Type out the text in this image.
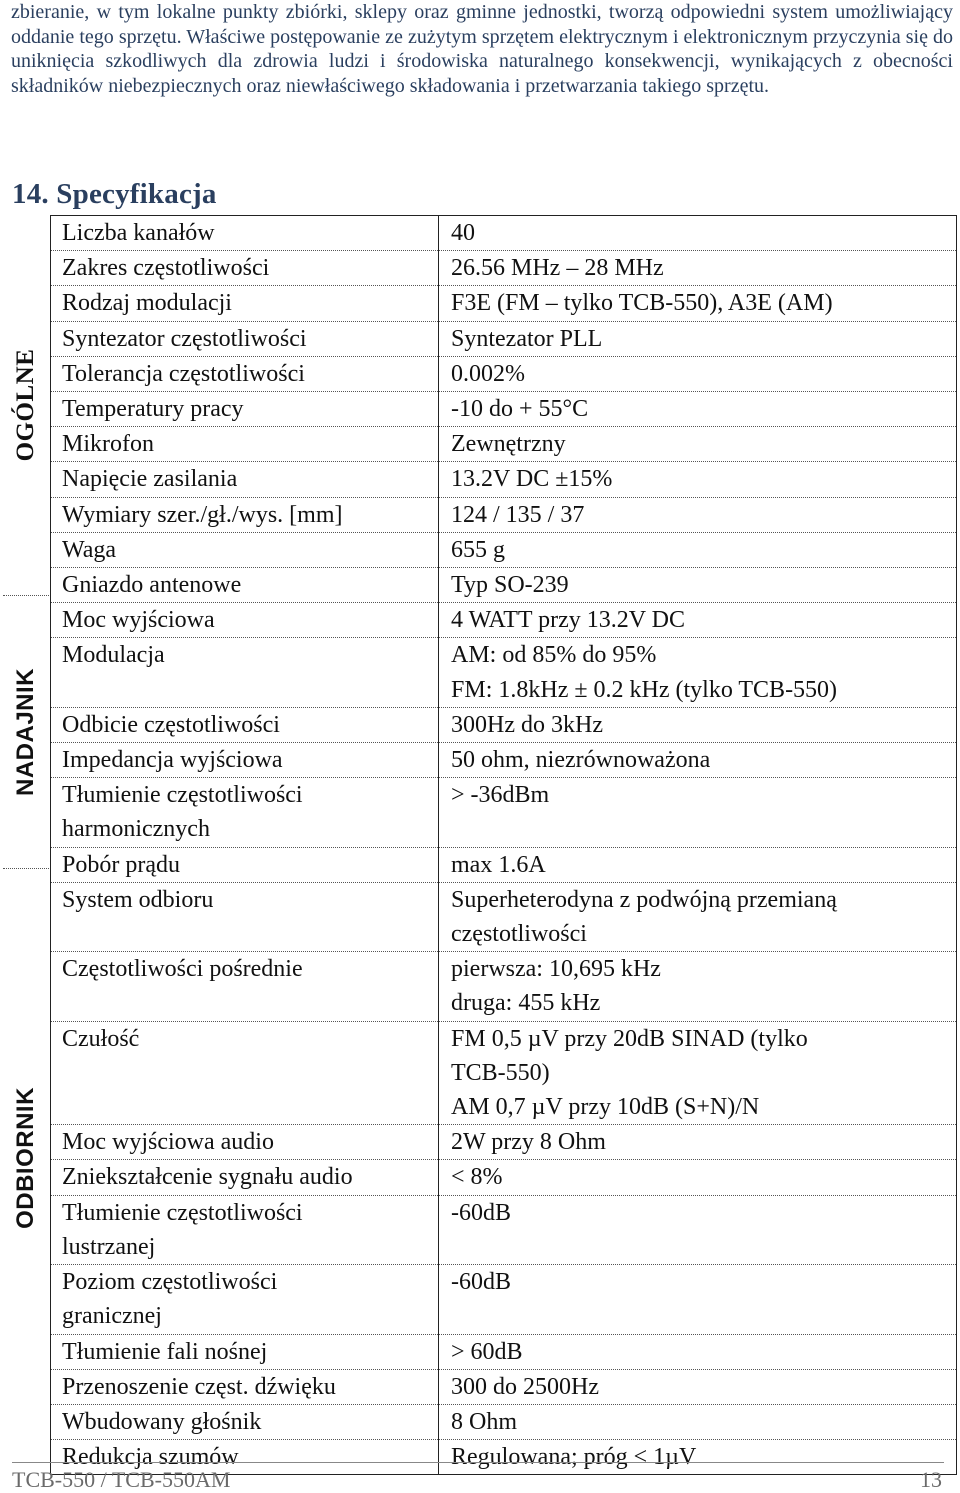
zbieranie, w tym lokalne punkty zbiórki, sklepy oraz gminne jednostki, tworzą odpowiedni system umożliwiający oddanie tego sprzętu. Właściwe postępowanie ze zużytym sprzętem elektrycznym i elektronicznym przyczynia się do uniknięcia szkodliwych dla zdrowia ludzi i środowiska naturalnego konsekwencji, wynikających z obecności składników niebezpiecznych oraz niewłaściwego składowania i przetwarzania takiego sprzętu.

14. Specyfikacja
OGÓLNE
NADAJNIK
ODBIORNIK
Liczba kanałów	40
Zakres częstotliwości	26.56 MHz – 28 MHz
Rodzaj modulacji	F3E (FM – tylko TCB-550), A3E (AM)
Syntezator częstotliwości	Syntezator PLL
Tolerancja częstotliwości	0.002%
Temperatury pracy	-10 do + 55°C
Mikrofon	Zewnętrzny
Napięcie zasilania	13.2V DC ±15%
Wymiary szer./gł./wys. [mm]	124 / 135 / 37
Waga	655 g
Gniazdo antenowe	Typ SO-239
Moc wyjściowa	4 WATT przy 13.2V DC
Modulacja	AM: od 85% do 95%
FM: 1.8kHz ± 0.2 kHz (tylko TCB-550)

Odbicie częstotliwości	300Hz do 3kHz
Impedancja wyjściowa	50 ohm, niezrównoważona

Tłumienie częstotliwości
harmonicznych	> -36dBm
Pobór prądu	max 1.6A
System odbioru	Superheterodyna z podwójną przemianą
częstotliwości

Częstotliwości pośrednie	pierwsza: 10,695 kHz
druga: 455 kHz

Czułość	FM 0,5 µV przy 20dB SINAD (tylko
TCB-550)
AM 0,7 µV przy 10dB (S+N)/N

Moc wyjściowa audio	2W przy 8 Ohm
Zniekształcenie sygnału audio	< 8%

Tłumienie częstotliwości
lustrzanej	-60dB

Poziom częstotliwości
granicznej	-60dB
Tłumienie fali nośnej	> 60dB
Przenoszenie częst. dźwięku	300 do 2500Hz
Wbudowany głośnik	8 Ohm
Redukcja szumów	Regulowana; próg < 1µV
TCB-550 / TCB-550AM	13
